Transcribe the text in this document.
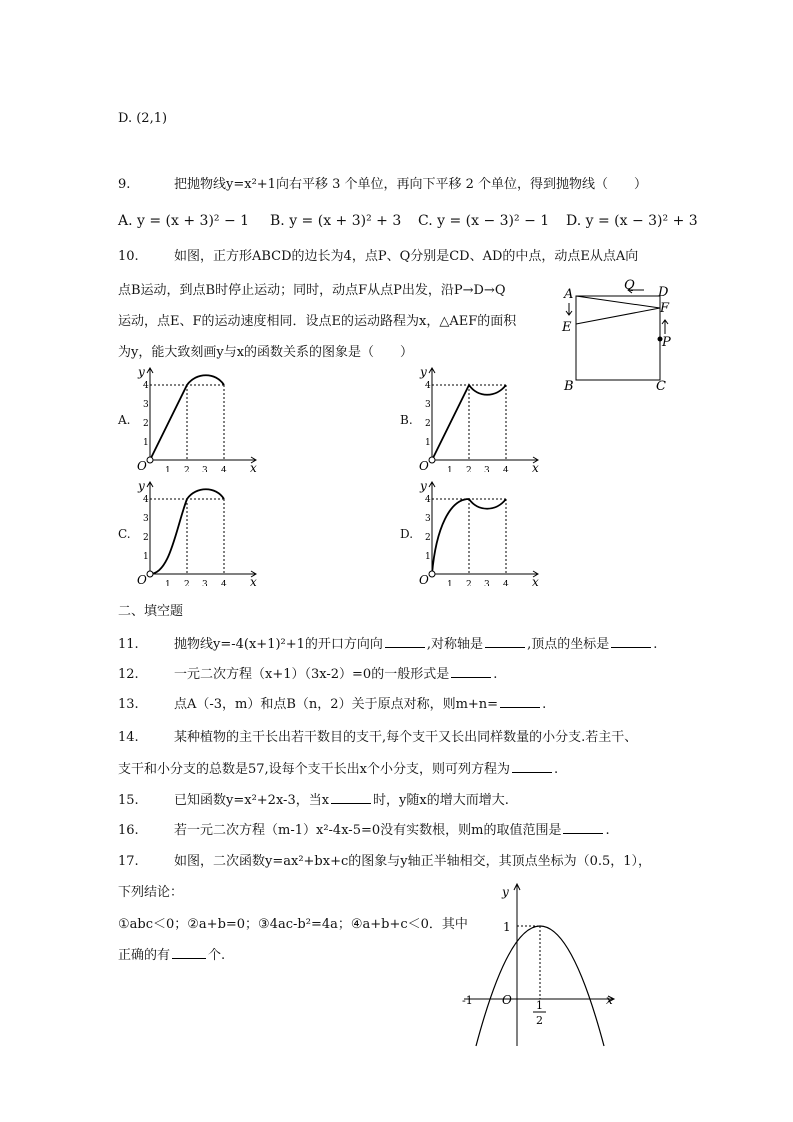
D. (2,1)
9.	把抛物线y=x²+1向右平移 3 个单位，再向下平移 2 个单位，得到抛物线（　　）
A. y = (x + 3)² − 1 B. y = (x + 3)² + 3 C. y = (x − 3)² − 1 D. y = (x − 3)² + 3
10.	如图，正方形ABCD的边长为4，点P、Q分别是CD、AD的中点，动点E从点A向
点B运动，到点B时停止运动；同时，动点F从点P出发，沿P→D→Q
运动，点E、F的运动速度相同．设点E的运动路程为x，△AEF的面积
为y，能大致刻画y与x的函数关系的图象是（　　）
A	D
Q
F
E
P
B	C
A.	B.
C.	D.
1 2 3 4
1
2
3
4
O	x
y
1 2 3 4
1
2
3
4
O	x
y
1 2 3 4
1
2
3
4
O	x
y
1 2 3 4
1
2
3
4
O	x
y
二、填空题
11.	抛物线y=-4(x+1)²+1的开口方向向	,对称轴是	,顶点的坐标是	.
12.	一元二次方程（x+1）（3x-2）=0的一般形式是	.
13.	点A（-3，m）和点B（n，2）关于原点对称，则m+n=	.
14.	某种植物的主干长出若干数目的支干,每个支干又长出同样数量的小分支.若主干、
支干和小分支的总数是57,设每个支干长出x个小分支，则可列方程为	.
15.	已知函数y=x²+2x-3，当x	时，y随x的增大而增大.
16.	若一元二次方程（m-1）x²-4x-5=0没有实数根，则m的取值范围是	.
17.	如图，二次函数y=ax²+bx+c的图象与y轴正半轴相交，其顶点坐标为（0.5，1），
下列结论：
①abc＜0；②a+b=0；③4ac-b²=4a；④a+b+c＜0．其中
正确的有	个.
y
x
O
1
-1	1
2
